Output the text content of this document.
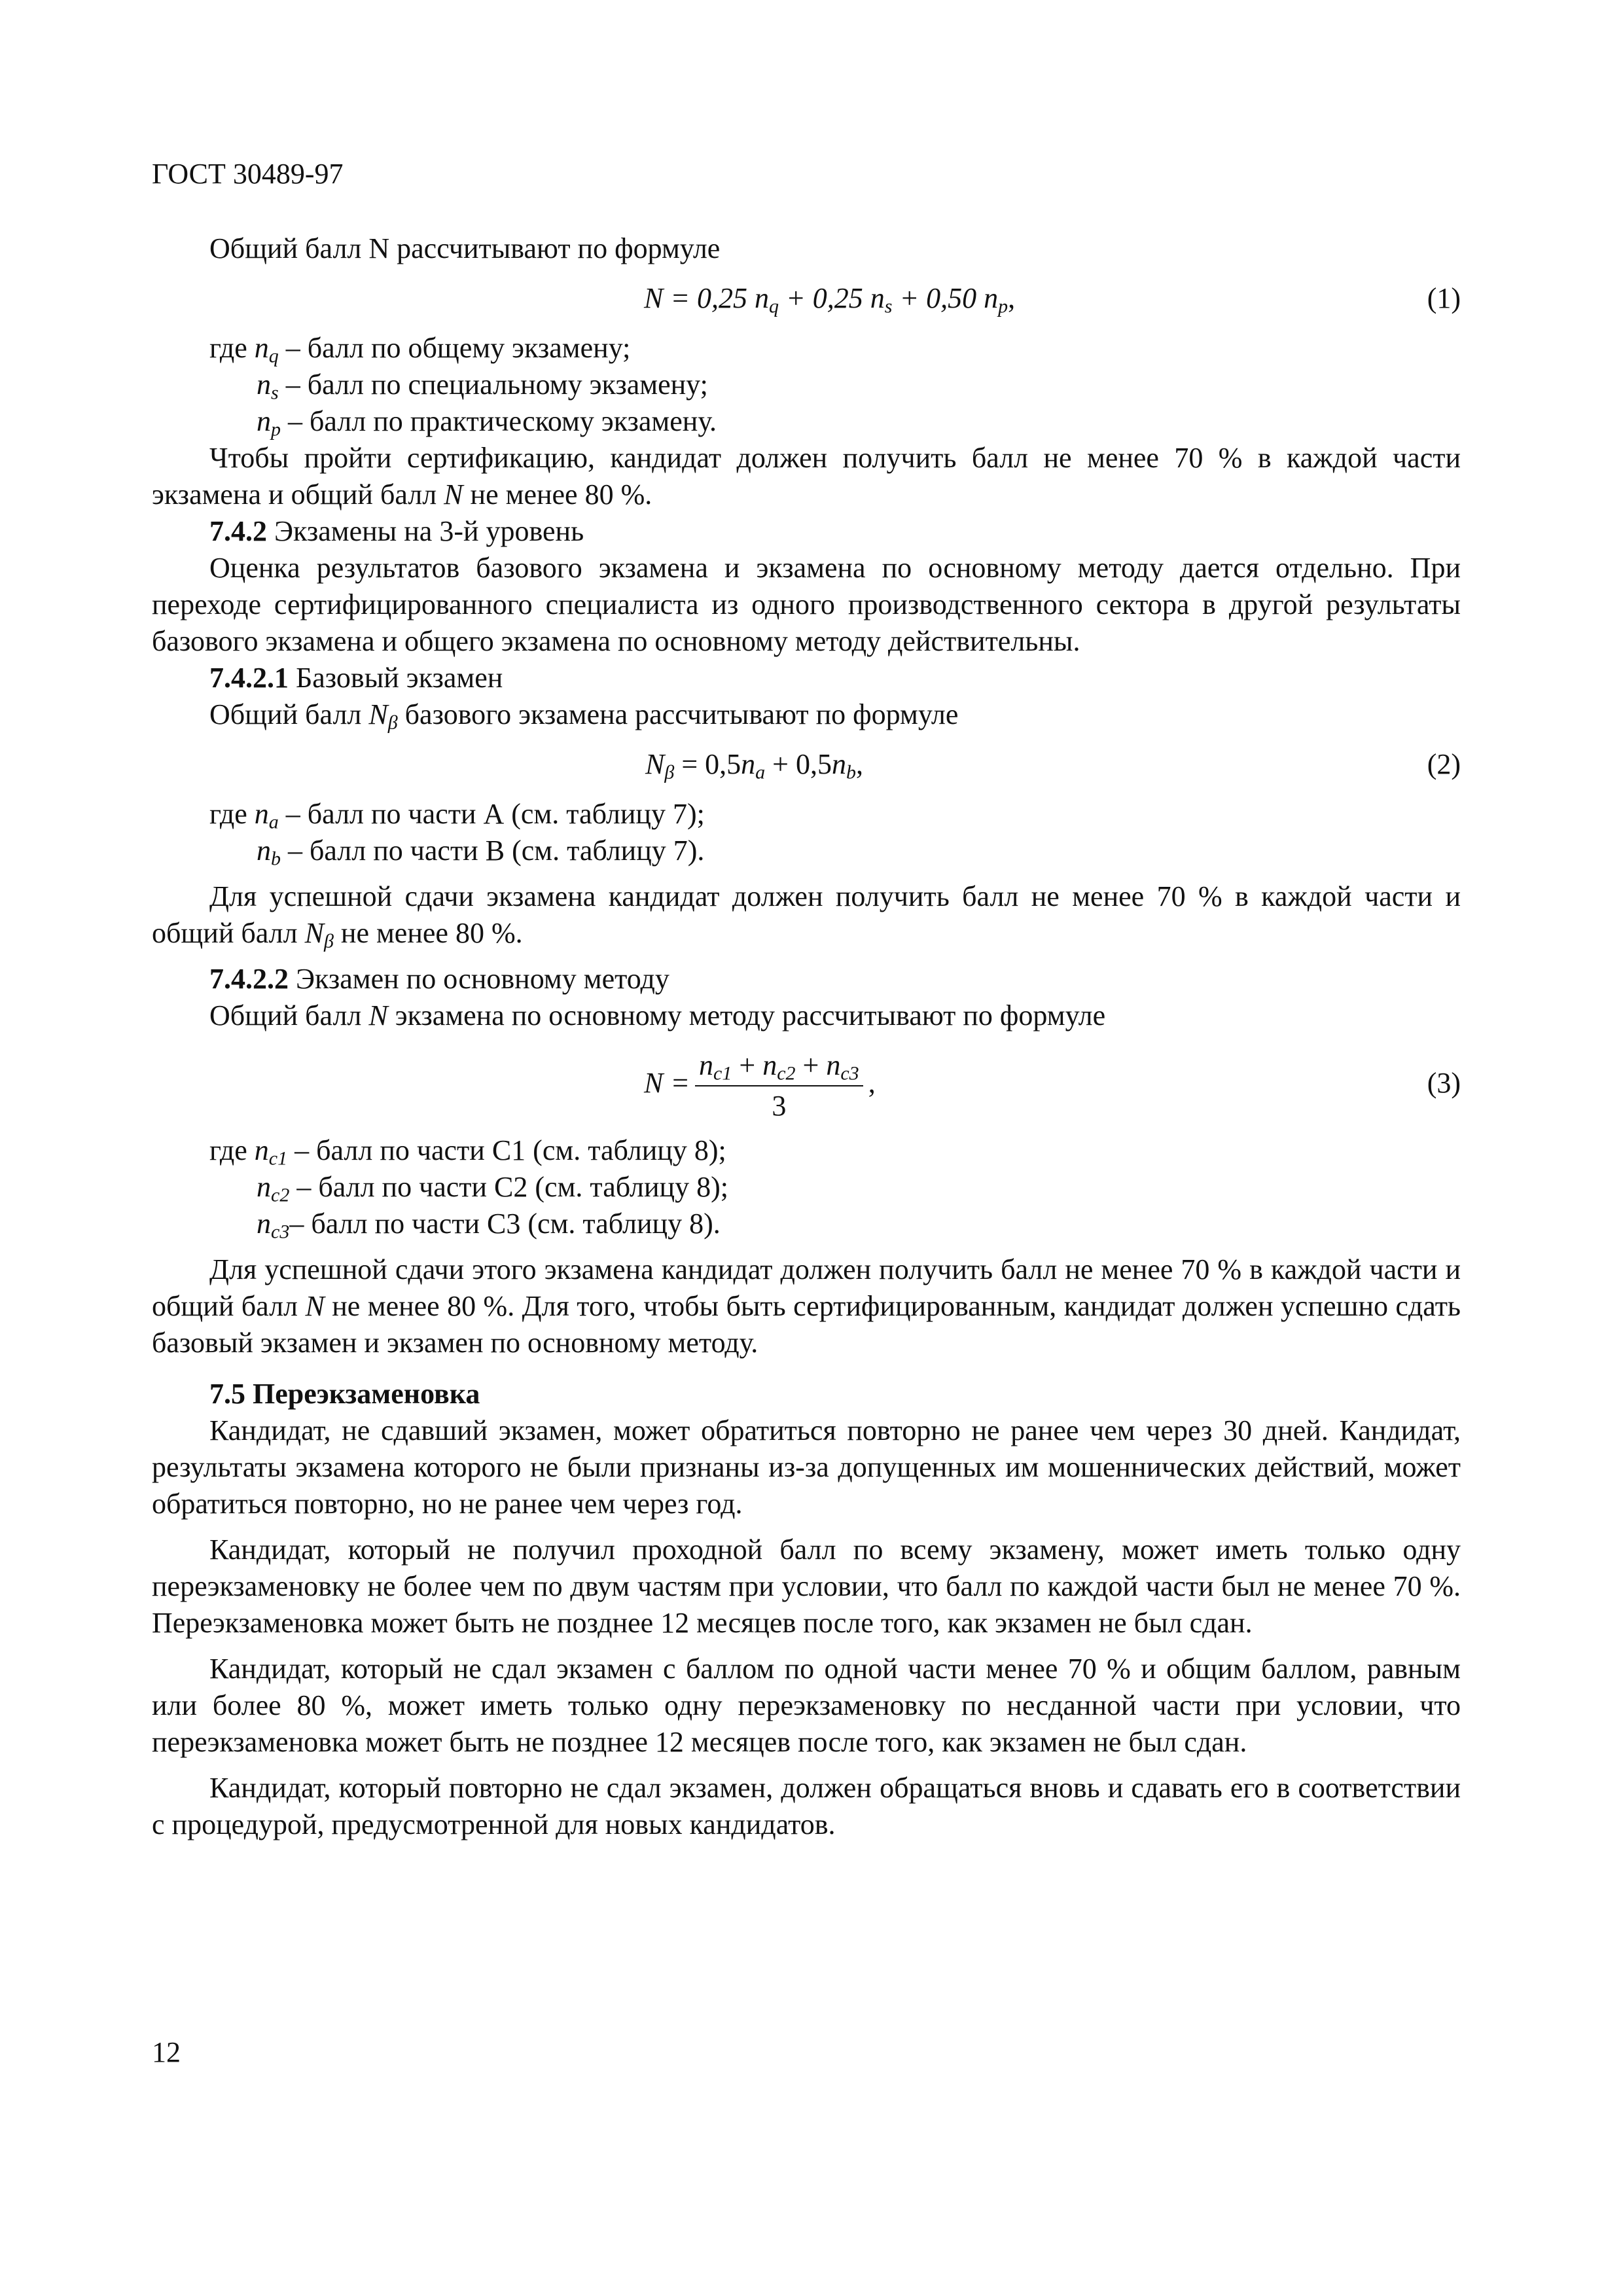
ГОСТ 30489-97

Общий балл N рассчитывают по формуле

N = 0,25 $n_q + 0,25$ $n_s + 0,50$ $n_p$,	(1)

где $n_q$ – балл по общему экзамену;

$n_s$ – балл по специальному экзамену;

$n_p$ – балл по практическому экзамену.

Чтобы пройти сертификацию, кандидат должен получить балл не менее 70 % в каждой части экзамена и общий балл N не менее 80 %.

7.4.2 Экзамены на 3-й уровень

Оценка результатов базового экзамена и экзамена по основному методу дается отдельно. При переходе сертифицированного специалиста из одного производственного сектора в другой результаты базового экзамена и общего экзамена по основному методу действительны.

7.4.2.1 Базовый экзамен

Общий балл $N_\beta$ базового экзамена рассчитывают по формуле

$N_\beta = 0,5n_a + 0,5n_b$,	(2)

где $n_a$ – балл по части А (см. таблицу 7);

$n_b$ – балл по части В (см. таблицу 7).

Для успешной сдачи экзамена кандидат должен получить балл не менее 70 % в каждой части и общий балл $N_\beta$ не менее 80 %.

7.4.2.2 Экзамен по основному методу

Общий балл N экзамена по основному методу рассчитывают по формуле

$N = \frac{n_{c1} + n_{c2} + n_{c3}}{3}$ ,	(3)

где $n_{c1}$ – балл по части С1 (см. таблицу 8);

$n_{c2}$ – балл по части С2 (см. таблицу 8);

$n_{c3}-$ балл по части С3 (см. таблицу 8).

Для успешной сдачи этого экзамена кандидат должен получить балл не менее 70 % в каждой части и общий балл N не менее 80 %. Для того, чтобы быть сертифицированным, кандидат должен успешно сдать базовый экзамен и экзамен по основному методу.

7.5 Переэкзаменовка

Кандидат, не сдавший экзамен, может обратиться повторно не ранее чем через 30 дней. Кандидат, результаты экзамена которого не были признаны из-за допущенных им мошеннических действий, может обратиться повторно, но не ранее чем через год.

Кандидат, который не получил проходной балл по всему экзамену, может иметь только одну переэкзаменовку не более чем по двум частям при условии, что балл по каждой части был не менее 70 %. Переэкзаменовка может быть не позднее 12 месяцев после того, как экзамен не был сдан.

Кандидат, который не сдал экзамен с баллом по одной части менее 70 % и общим баллом, равным или более 80 %, может иметь только одну переэкзаменовку по несданной части при условии, что переэкзаменовка может быть не позднее 12 месяцев после того, как экзамен не был сдан.

Кандидат, который повторно не сдал экзамен, должен обращаться вновь и сдавать его в соответствии с процедурой, предусмотренной для новых кандидатов.

12
